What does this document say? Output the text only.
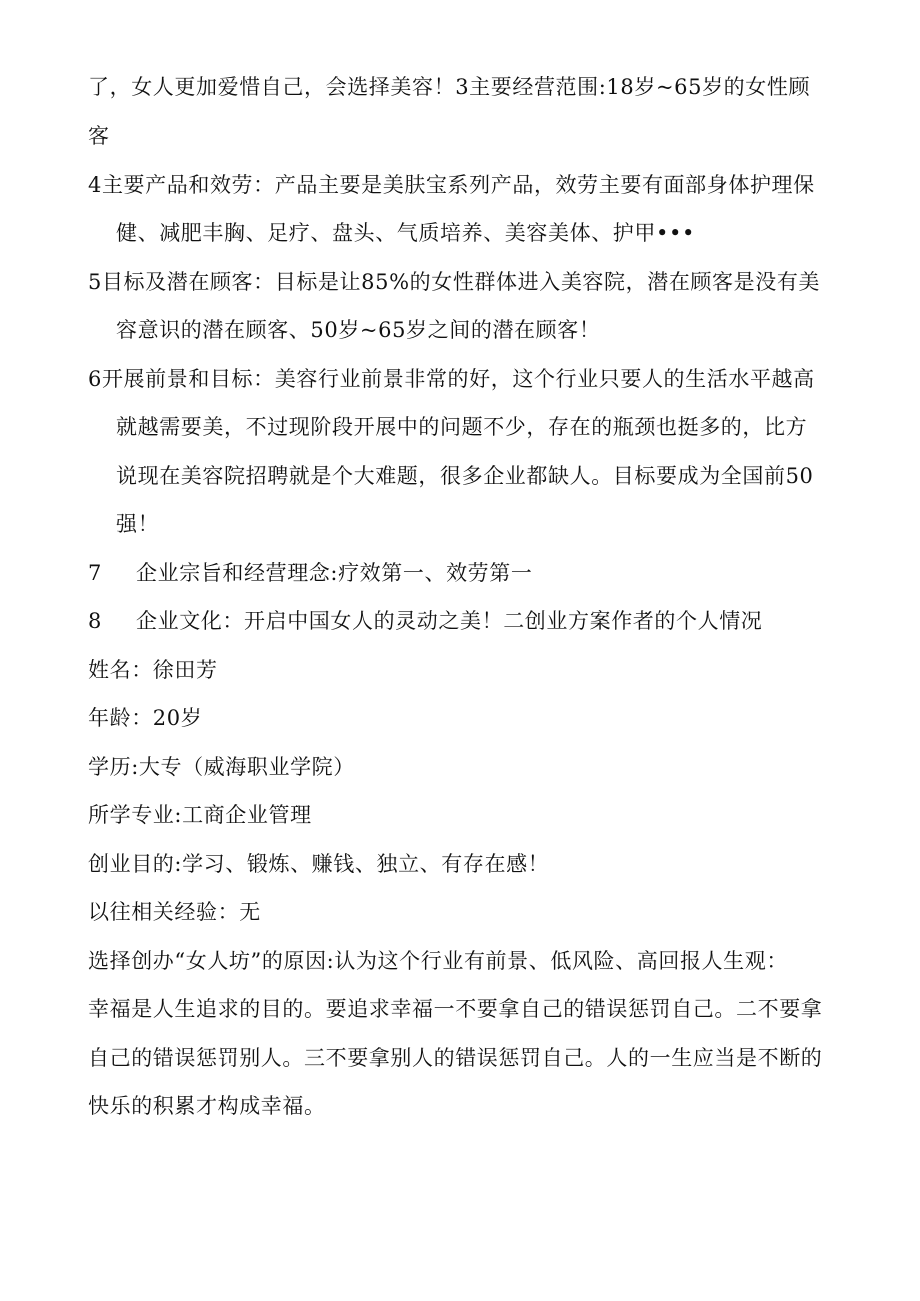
了，女人更加爱惜自己，会选择美容！3主要经营范围:18岁~65岁的女性顾
客
4主要产品和效劳：产品主要是美肤宝系列产品，效劳主要有面部身体护理保
健、减肥丰胸、足疗、盘头、气质培养、美容美体、护甲•••
5目标及潜在顾客：目标是让85%的女性群体进入美容院，潜在顾客是没有美
容意识的潜在顾客、50岁~65岁之间的潜在顾客！
6开展前景和目标：美容行业前景非常的好，这个行业只要人的生活水平越高
就越需要美，不过现阶段开展中的问题不少，存在的瓶颈也挺多的，比方
说现在美容院招聘就是个大难题，很多企业都缺人。目标要成为全国前50
强！
7 企业宗旨和经营理念:疗效第一、效劳第一
8 企业文化：开启中国女人的灵动之美！二创业方案作者的个人情况
姓名：徐田芳
年龄：20岁
学历:大专（威海职业学院）
所学专业:工商企业管理
创业目的:学习、锻炼、赚钱、独立、有存在感！
以往相关经验：无
选择创办“女人坊”的原因:认为这个行业有前景、低风险、高回报人生观：
幸福是人生追求的目的。要追求幸福一不要拿自己的错误惩罚自己。二不要拿
自己的错误惩罚别人。三不要拿别人的错误惩罚自己。人的一生应当是不断的
快乐的积累才构成幸福。
